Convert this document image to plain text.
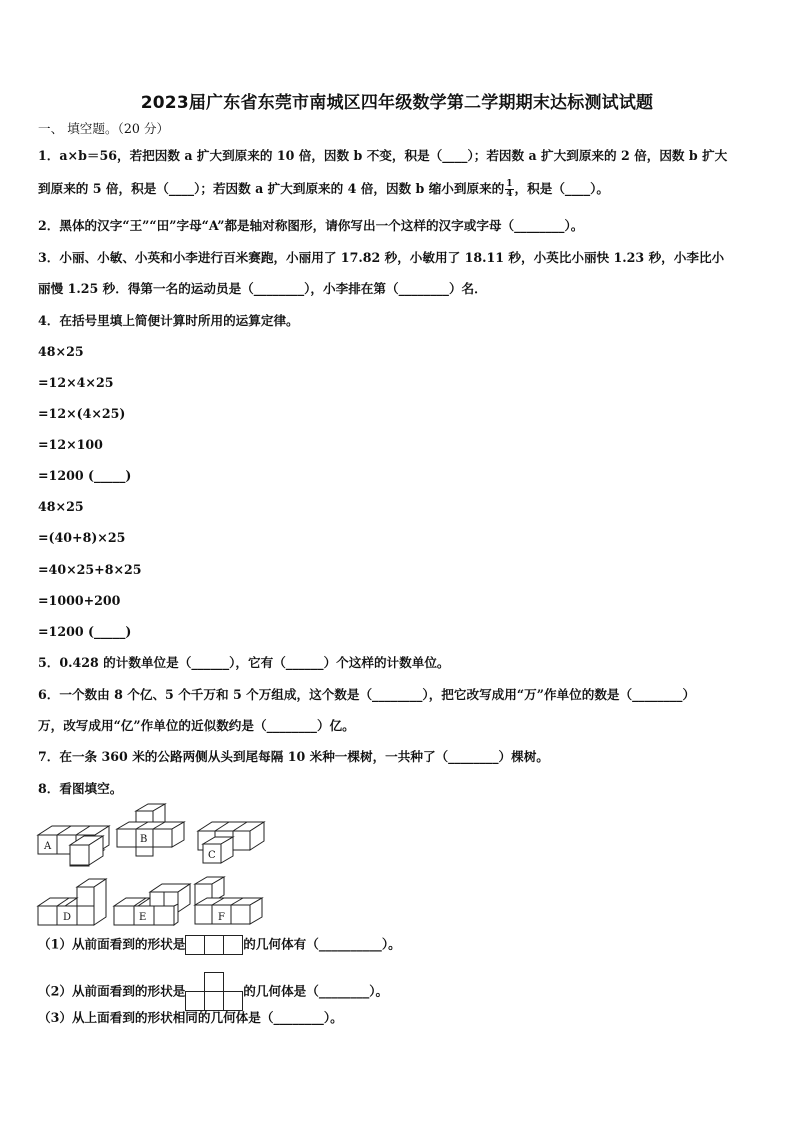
2023届广东省东莞市南城区四年级数学第二学期期末达标测试试题
一、 填空题。（20 分）
1．a×b＝56，若把因数 a 扩大到原来的 10 倍，因数 b 不变，积是（____）；若因数 a 扩大到原来的 2 倍，因数 b 扩大
到原来的 5 倍，积是（____）；若因数 a 扩大到原来的 4 倍，因数 b 缩小到原来的 $\frac{1}{4}$ ，积是（____）。
2．黑体的汉字“王”“田”字母“A”都是轴对称图形，请你写出一个这样的汉字或字母（________）。
3．小丽、小敏、小英和小李进行百米赛跑，小丽用了 17.82 秒，小敏用了 18.11 秒，小英比小丽快 1.23 秒，小李比小
丽慢 1.25 秒．得第一名的运动员是（________），小李排在第（________）名．
4．在括号里填上简便计算时所用的运算定律。
48×25
=12×4×25
=12×(4×25)
=12×100
=1200 (_____)
48×25
=(40+8)×25
=40×25+8×25
=1000+200
=1200 (_____)
5．0.428 的计数单位是（______），它有（______）个这样的计数单位。
6．一个数由 8 个亿、5 个千万和 5 个万组成，这个数是（________），把它改写成用“万”作单位的数是（________）
万，改写成用“亿”作单位的近似数约是（________）亿。
7．在一条 360 米的公路两侧从头到尾每隔 10 米种一棵树，一共种了（________）棵树。
8．看图填空。
A
B
C
D	E	F
（1）从前面看到的形状是	的几何体有（__________）。
（2）从前面看到的形状是	的几何体是（________）。
（3）从上面看到的形状相同的几何体是（________）。
